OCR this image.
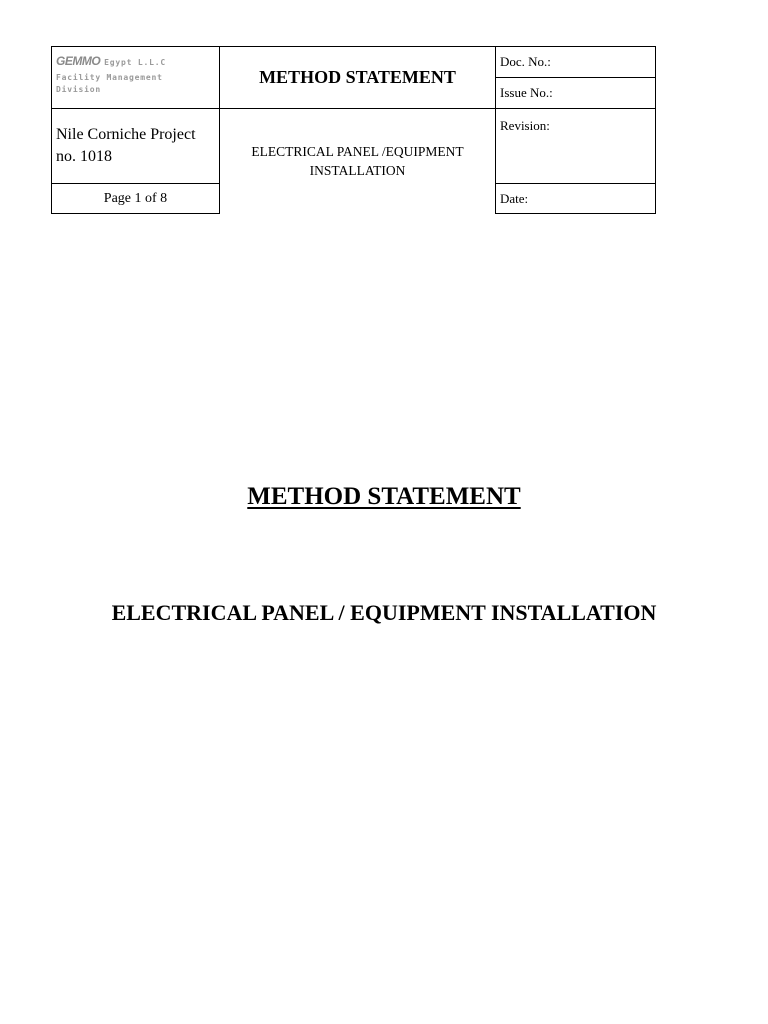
GEMMO Egypt L.L.C
Facility Management
Division	METHOD STATEMENT	Doc. No.:
		Issue No.:
Nile Corniche Project no. 1018	ELECTRICAL PANEL /EQUIPMENT INSTALLATION	Revision:

Page 1 of 8		Date:
METHOD STATEMENT
ELECTRICAL PANEL / EQUIPMENT INSTALLATION
